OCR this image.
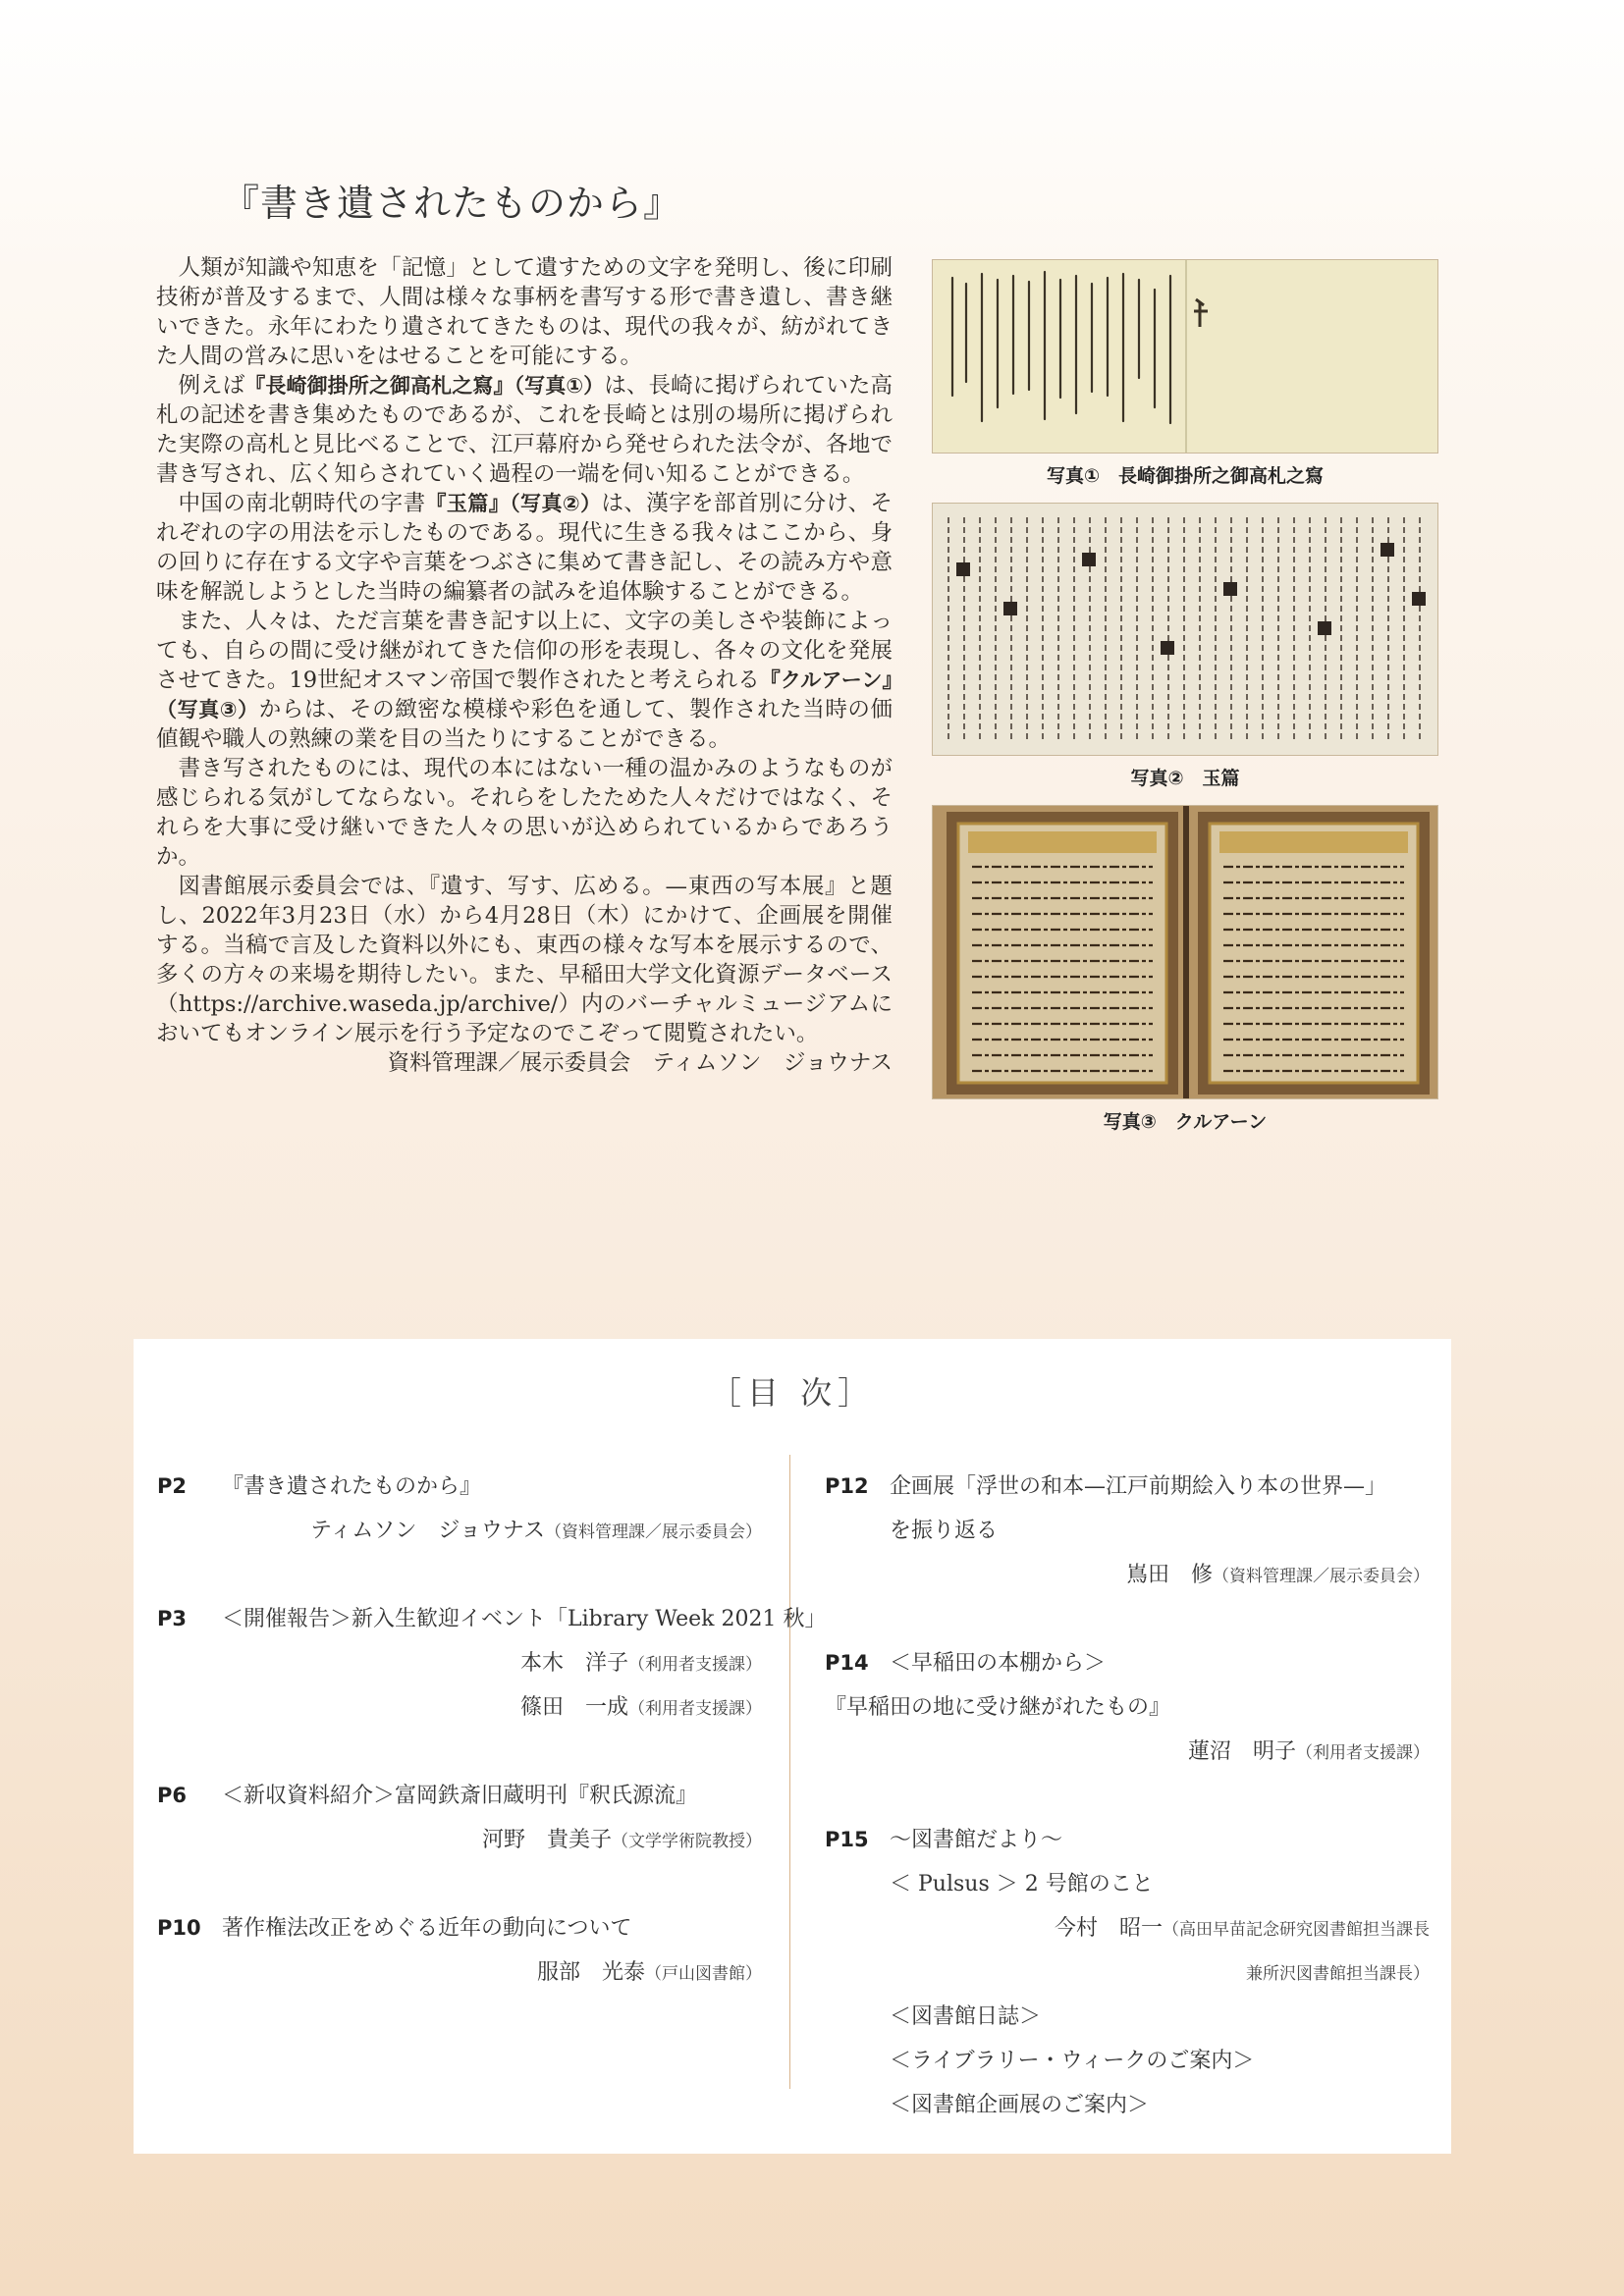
『書き遺されたものから』
写真①　長崎御掛所之御高札之寫
写真②　玉篇
写真③　クルアーン

人類が知識や知恵を「記憶」として遺すための文字を発明し、後に印刷技術が普及するまで、人間は様々な事柄を書写する形で書き遺し、書き継いできた。永年にわたり遺されてきたものは、現代の我々が、紡がれてきた人間の営みに思いをはせることを可能にする。

例えば『長崎御掛所之御高札之寫』（写真①）は、長崎に掲げられていた高札の記述を書き集めたものであるが、これを長崎とは別の場所に掲げられた実際の高札と見比べることで、江戸幕府から発せられた法令が、各地で書き写され、広く知らされていく過程の一端を伺い知ることができる。

中国の南北朝時代の字書『玉篇』（写真②）は、漢字を部首別に分け、それぞれの字の用法を示したものである。現代に生きる我々はここから、身の回りに存在する文字や言葉をつぶさに集めて書き記し、その読み方や意味を解説しようとした当時の編纂者の試みを追体験することができる。

また、人々は、ただ言葉を書き記す以上に、文字の美しさや装飾によっても、自らの間に受け継がれてきた信仰の形を表現し、各々の文化を発展させてきた。19世紀オスマン帝国で製作されたと考えられる『クルアーン』（写真③）からは、その緻密な模様や彩色を通して、製作された当時の価値観や職人の熟練の業を目の当たりにすることができる。

書き写されたものには、現代の本にはない一種の温かみのようなものが感じられる気がしてならない。それらをしたためた人々だけではなく、それらを大事に受け継いできた人々の思いが込められているからであろうか。

図書館展示委員会では、『遺す、写す、広める。—東西の写本展』と題し、2022年3月23日（水）から4月28日（木）にかけて、企画展を開催する。当稿で言及した資料以外にも、東西の様々な写本を展示するので、多くの方々の来場を期待したい。また、早稲田大学文化資源データベース（https://archive.waseda.jp/archive/）内のバーチャルミュージアムにおいてもオンライン展示を行う予定なのでこぞって閲覧されたい。

資料管理課／展示委員会　ティムソン　ジョウナス

［目 次］
P2 『書き遺されたものから』
ティムソン　ジョウナス（資料管理課／展示委員会）
P3 ＜開催報告＞新入生歓迎イベント「Library Week 2021 秋」
本木　洋子（利用者支援課）
篠田　一成（利用者支援課）
P6 ＜新収資料紹介＞富岡鉄斎旧蔵明刊『釈氏源流』
河野　貴美子（文学学術院教授）
P10 著作権法改正をめぐる近年の動向について
服部　光泰（戸山図書館）
P12 企画展「浮世の和本—江戸前期絵入り本の世界—」
を振り返る
嶌田　修（資料管理課／展示委員会）
P14 ＜早稲田の本棚から＞
『早稲田の地に受け継がれたもの』
蓮沼　明子（利用者支援課）
P15 〜図書館だより〜
＜ Pulsus ＞ 2 号館のこと
今村　昭一（高田早苗記念研究図書館担当課長
兼所沢図書館担当課長）
＜図書館日誌＞
＜ライブラリー・ウィークのご案内＞
＜図書館企画展のご案内＞
